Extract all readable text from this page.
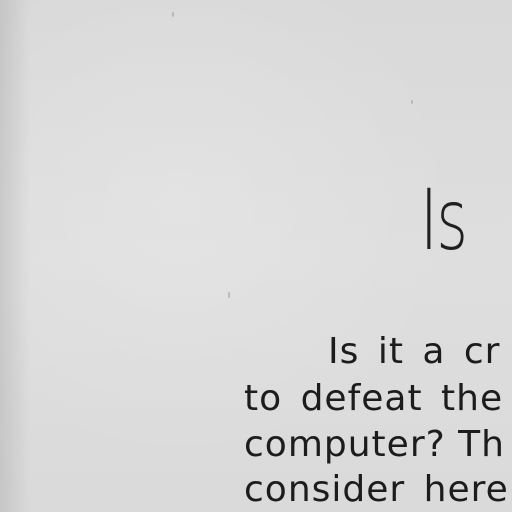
Is
Is it a cr
to defeat the
computer? Th
consider here
